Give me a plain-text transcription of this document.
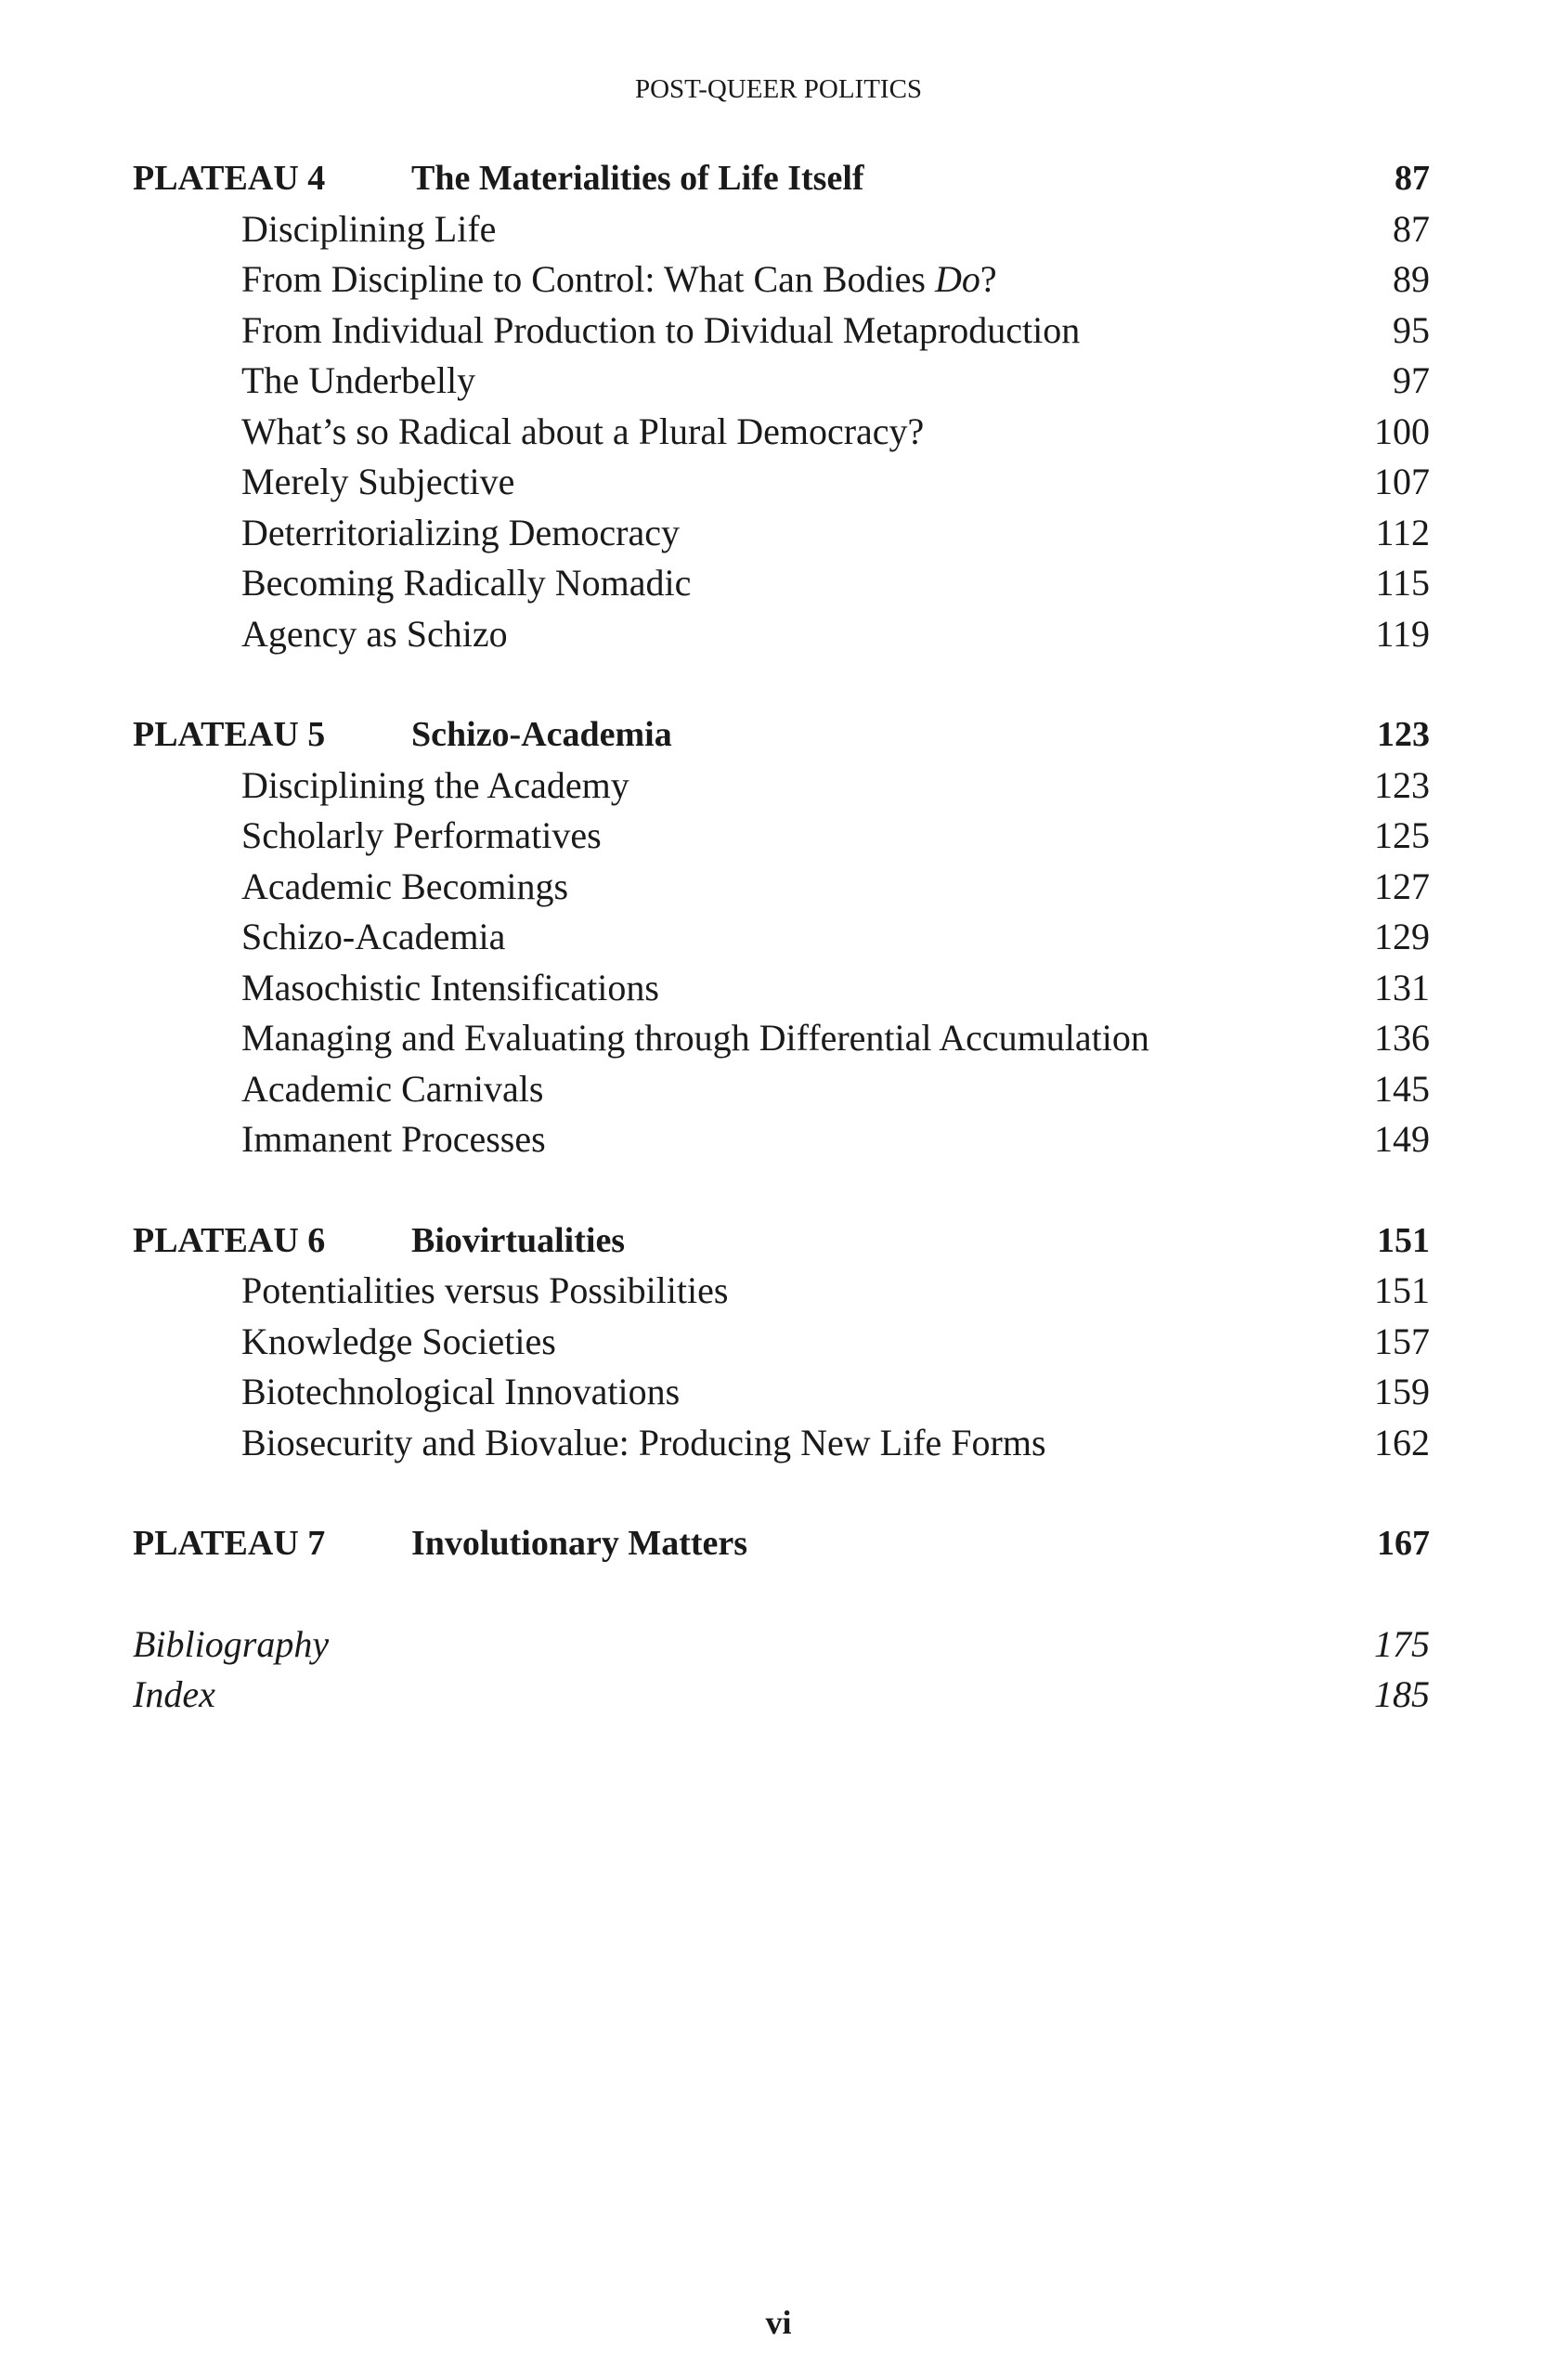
POST-QUEER POLITICS
PLATEAU 4	The Materialities of Life Itself	87
Disciplining Life	87
From Discipline to Control: What Can Bodies Do?	89
From Individual Production to Dividual Metaproduction	95
The Underbelly	97
What’s so Radical about a Plural Democracy?	100
Merely Subjective	107
Deterritorializing Democracy	112
Becoming Radically Nomadic	115
Agency as Schizo	119
PLATEAU 5	Schizo-Academia	123
Disciplining the Academy	123
Scholarly Performatives	125
Academic Becomings	127
Schizo-Academia	129
Masochistic Intensifications	131
Managing and Evaluating through Differential Accumulation	136
Academic Carnivals	145
Immanent Processes	149
PLATEAU 6	Biovirtualities	151
Potentialities versus Possibilities	151
Knowledge Societies	157
Biotechnological Innovations	159
Biosecurity and Biovalue: Producing New Life Forms	162
PLATEAU 7	Involutionary Matters	167
Bibliography	175
Index	185
vi
